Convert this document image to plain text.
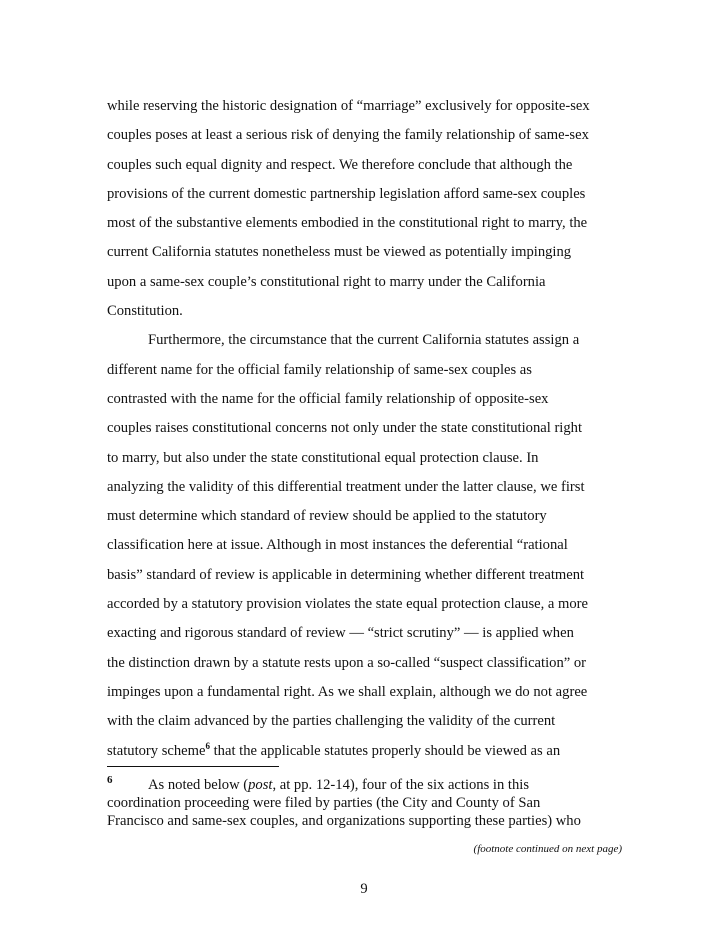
while reserving the historic designation of “marriage” exclusively for opposite-sex
couples poses at least a serious risk of denying the family relationship of same-sex
couples such equal dignity and respect. We therefore conclude that although the
provisions of the current domestic partnership legislation afford same-sex couples
most of the substantive elements embodied in the constitutional right to marry, the
current California statutes nonetheless must be viewed as potentially impinging
upon a same-sex couple’s constitutional right to marry under the California
Constitution.
Furthermore, the circumstance that the current California statutes assign a
different name for the official family relationship of same-sex couples as
contrasted with the name for the official family relationship of opposite-sex
couples raises constitutional concerns not only under the state constitutional right
to marry, but also under the state constitutional equal protection clause. In
analyzing the validity of this differential treatment under the latter clause, we first
must determine which standard of review should be applied to the statutory
classification here at issue. Although in most instances the deferential “rational
basis” standard of review is applicable in determining whether different treatment
accorded by a statutory provision violates the state equal protection clause, a more
exacting and rigorous standard of review — “strict scrutiny” — is applied when
the distinction drawn by a statute rests upon a so-called “suspect classification” or
impinges upon a fundamental right. As we shall explain, although we do not agree
with the claim advanced by the parties challenging the validity of the current
statutory scheme$^6$ that the applicable statutes properly should be viewed as an
6 As noted below (post, at pp. 12-14), four of the six actions in this
coordination proceeding were filed by parties (the City and County of San
Francisco and same-sex couples, and organizations supporting these parties) who
(footnote continued on next page)
9
